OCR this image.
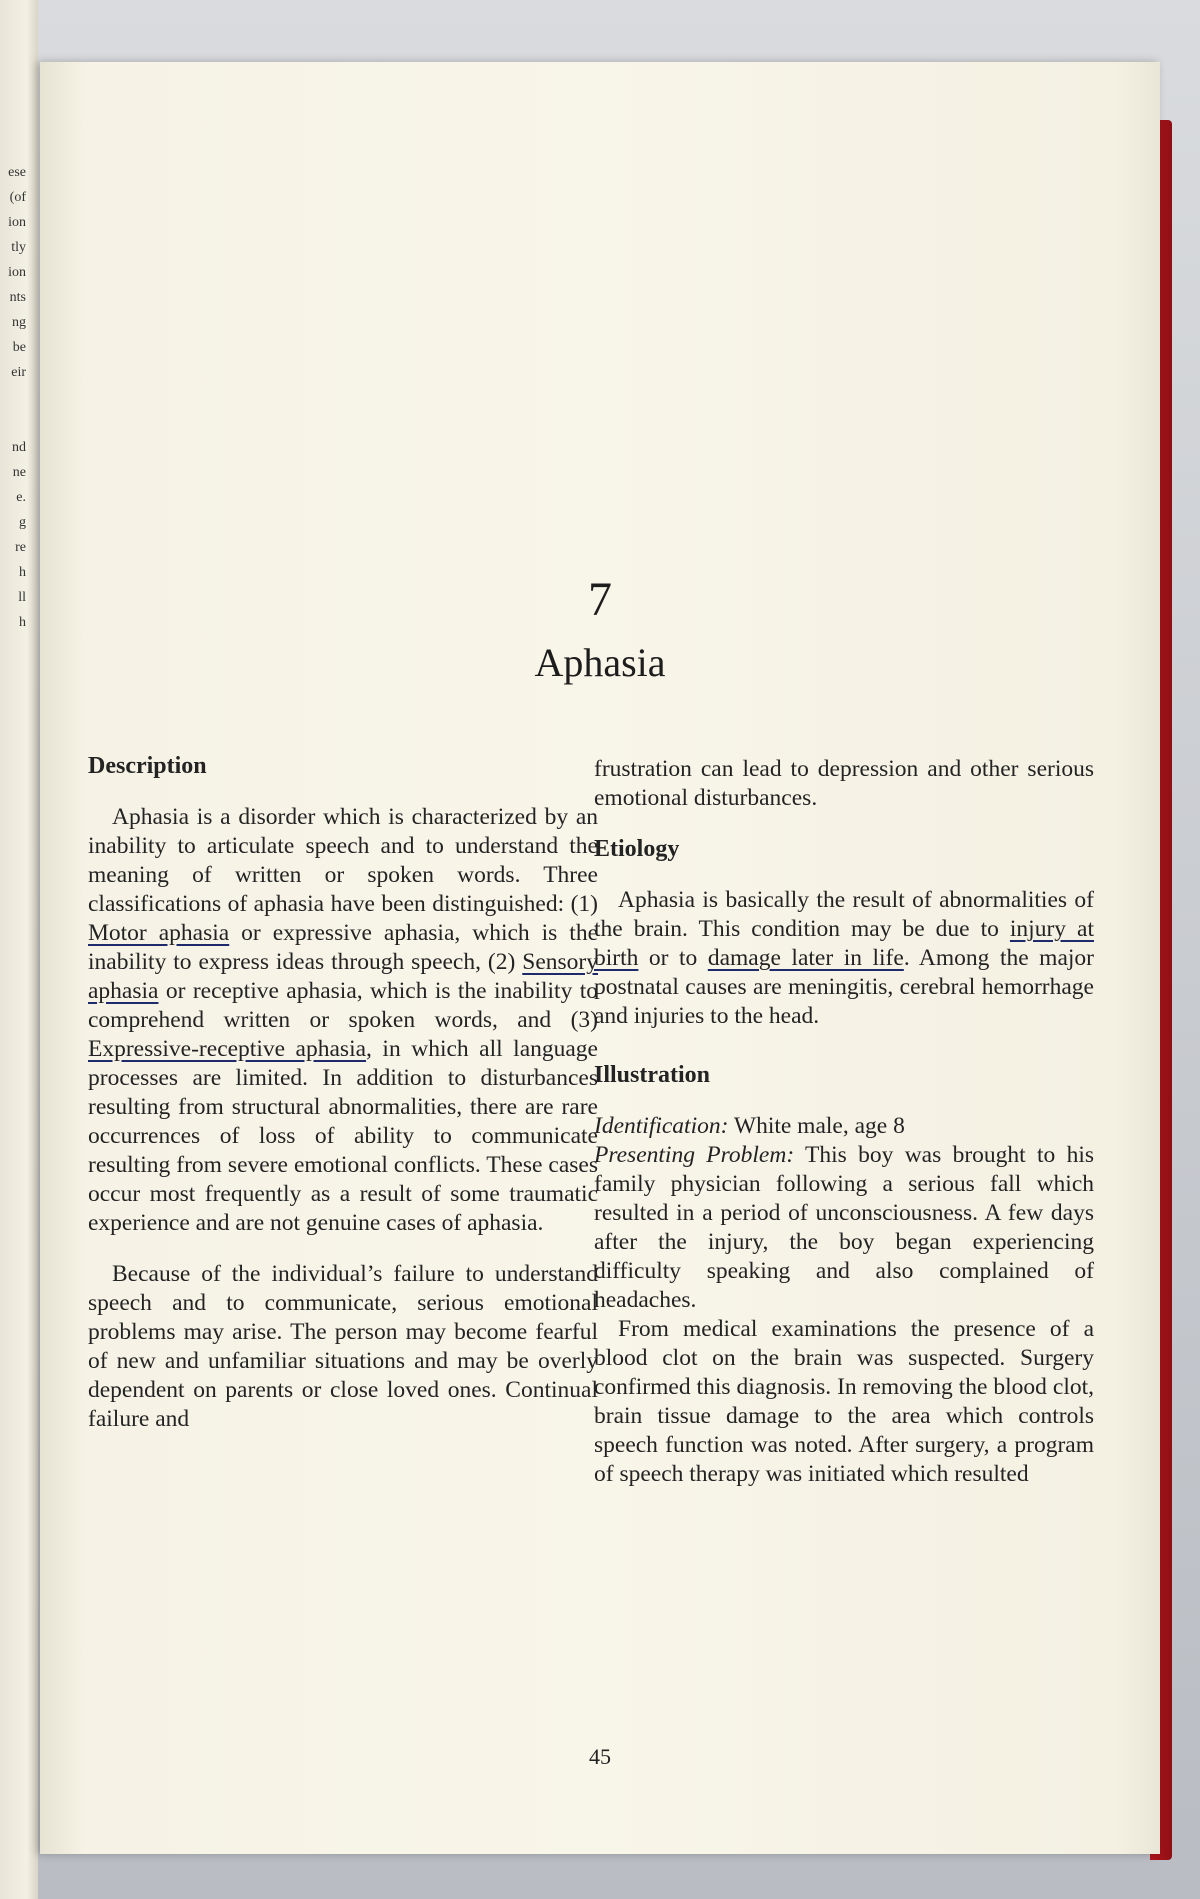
ese
(of
ion
tly
ion
nts
ng
be
eir
nd
ne
e.
g
re
h
ll
h	7
Aphasia
Description

Aphasia is a disorder which is characterized by an inability to articulate speech and to understand the meaning of written or spoken words. Three classifications of aphasia have been distinguished: (1) Motor aphasia or expressive aphasia, which is the inability to express ideas through speech, (2) Sensory aphasia or receptive aphasia, which is the inability to comprehend written or spoken words, and (3) Expressive-receptive aphasia, in which all language processes are limited. In addition to disturbances resulting from structural abnormalities, there are rare occurrences of loss of ability to communicate resulting from severe emotional conflicts. These cases occur most frequently as a result of some traumatic experience and are not genuine cases of aphasia.

Because of the individual’s failure to understand speech and to communicate, serious emotional problems may arise. The person may become fearful of new and unfamiliar situations and may be overly dependent on parents or close loved ones. Continual failure and

frustration can lead to depression and other serious emotional disturbances.

Etiology

Aphasia is basically the result of abnormalities of the brain. This condition may be due to injury at birth or to damage later in life. Among the major postnatal causes are meningitis, cerebral hemorrhage and injuries to the head.

Illustration

Identification: White male, age 8

Presenting Problem: This boy was brought to his family physician following a serious fall which resulted in a period of unconsciousness. A few days after the injury, the boy began experiencing difficulty speaking and also complained of headaches.

From medical examinations the presence of a blood clot on the brain was suspected. Surgery confirmed this diagnosis. In removing the blood clot, brain tissue damage to the area which controls speech function was noted. After surgery, a program of speech therapy was initiated which resulted

45
